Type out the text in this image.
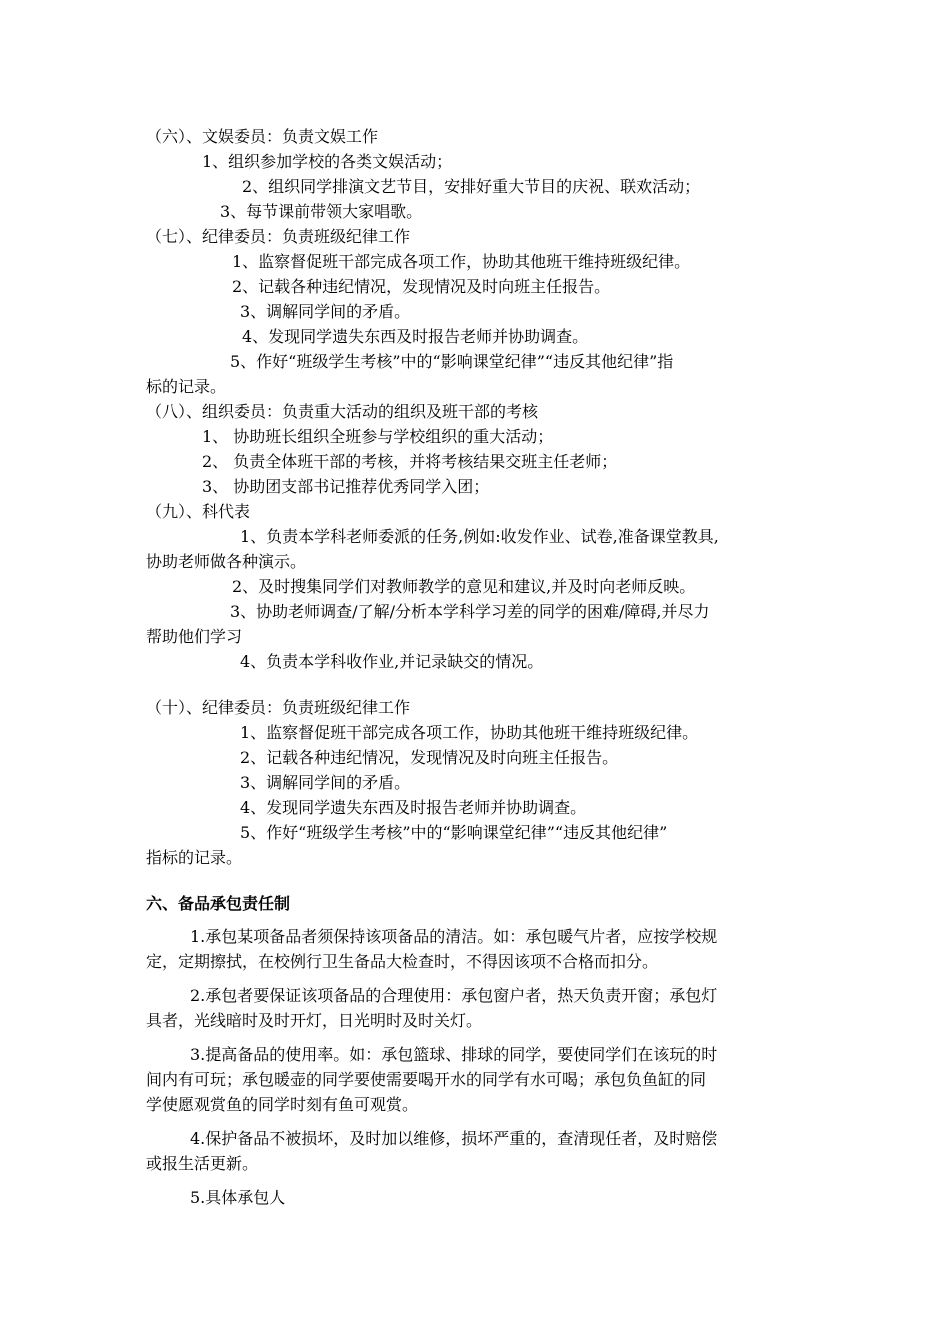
（六）、文娱委员：负责文娱工作
1、组织参加学校的各类文娱活动；
2、组织同学排演文艺节目，安排好重大节目的庆祝、联欢活动；
3、每节课前带领大家唱歌。
（七）、纪律委员：负责班级纪律工作
1、监察督促班干部完成各项工作，协助其他班干维持班级纪律。
2、记载各种违纪情况，发现情况及时向班主任报告。
3、调解同学间的矛盾。
4、发现同学遗失东西及时报告老师并协助调查。
5、作好“班级学生考核”中的“影响课堂纪律”“违反其他纪律”指
标的记录。
（八）、组织委员：负责重大活动的组织及班干部的考核
1、 协助班长组织全班参与学校组织的重大活动；
2、 负责全体班干部的考核，并将考核结果交班主任老师；
3、 协助团支部书记推荐优秀同学入团；
（九）、科代表
1、负责本学科老师委派的任务,例如:收发作业、试卷,准备课堂教具,
协助老师做各种演示。
2、及时搜集同学们对教师教学的意见和建议,并及时向老师反映。
3、协助老师调查/了解/分析本学科学习差的同学的困难/障碍,并尽力
帮助他们学习
4、负责本学科收作业,并记录缺交的情况。
（十）、纪律委员：负责班级纪律工作
1、监察督促班干部完成各项工作，协助其他班干维持班级纪律。
2、记载各种违纪情况，发现情况及时向班主任报告。
3、调解同学间的矛盾。
4、发现同学遗失东西及时报告老师并协助调查。
5、作好“班级学生考核”中的“影响课堂纪律”“违反其他纪律”
指标的记录。
六、备品承包责任制
1.承包某项备品者须保持该项备品的清洁。如：承包暖气片者，应按学校规
定，定期擦拭，在校例行卫生备品大检查时，不得因该项不合格而扣分。
2.承包者要保证该项备品的合理使用：承包窗户者，热天负责开窗；承包灯
具者，光线暗时及时开灯，日光明时及时关灯。
3.提高备品的使用率。如：承包篮球、排球的同学，要使同学们在该玩的时
间内有可玩；承包暖壶的同学要使需要喝开水的同学有水可喝；承包负鱼缸的同
学使愿观赏鱼的同学时刻有鱼可观赏。
4.保护备品不被损坏，及时加以维修，损坏严重的，查清现任者，及时赔偿
或报生活更新。
5.具体承包人
